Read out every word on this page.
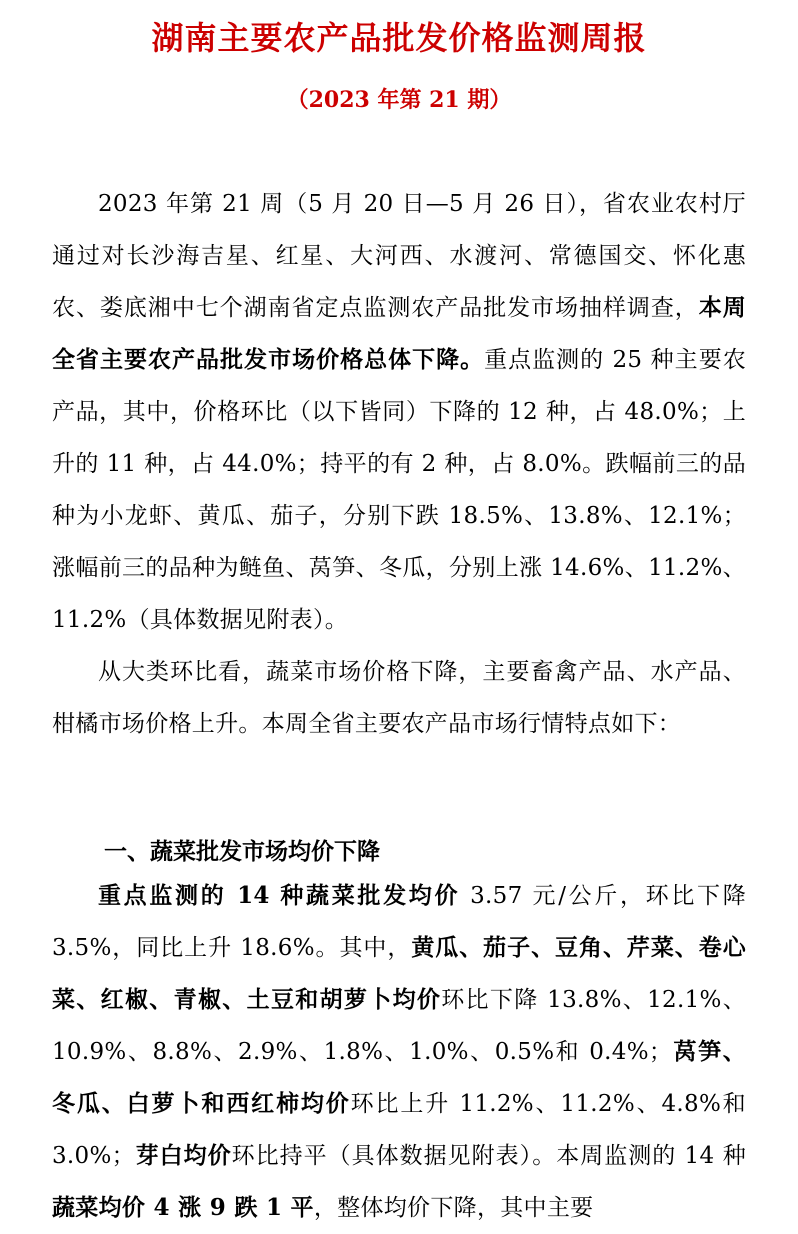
湖南主要农产品批发价格监测周报

（2023 年第 21 期）

2023 年第 21 周（5 月 20 日—5 月 26 日），省农业农村厅通过对长沙海吉星、红星、大河西、水渡河、常德国交、怀化惠农、娄底湘中七个湖南省定点监测农产品批发市场抽样调查，本周全省主要农产品批发市场价格总体下降。重点监测的 25 种主要农产品，其中，价格环比（以下皆同）下降的 12 种，占 48.0%；上升的 11 种，占 44.0%；持平的有 2 种，占 8.0%。跌幅前三的品种为小龙虾、黄瓜、茄子，分别下跌 18.5%、13.8%、12.1%；涨幅前三的品种为鲢鱼、莴笋、冬瓜，分别上涨 14.6%、11.2%、11.2%（具体数据见附表）。

从大类环比看，蔬菜市场价格下降，主要畜禽产品、水产品、柑橘市场价格上升。本周全省主要农产品市场行情特点如下：

一、蔬菜批发市场均价下降

重点监测的 14 种蔬菜批发均价 3.57 元/公斤，环比下降 3.5%，同比上升 18.6%。其中，黄瓜、茄子、豆角、芹菜、卷心菜、红椒、青椒、土豆和胡萝卜均价环比下降 13.8%、12.1%、10.9%、8.8%、2.9%、1.8%、1.0%、0.5%和 0.4%；莴笋、冬瓜、白萝卜和西红柿均价环比上升 11.2%、11.2%、4.8%和 3.0%；芽白均价环比持平（具体数据见附表）。本周监测的 14 种蔬菜均价 4 涨 9 跌 1 平，整体均价下降，其中主要
